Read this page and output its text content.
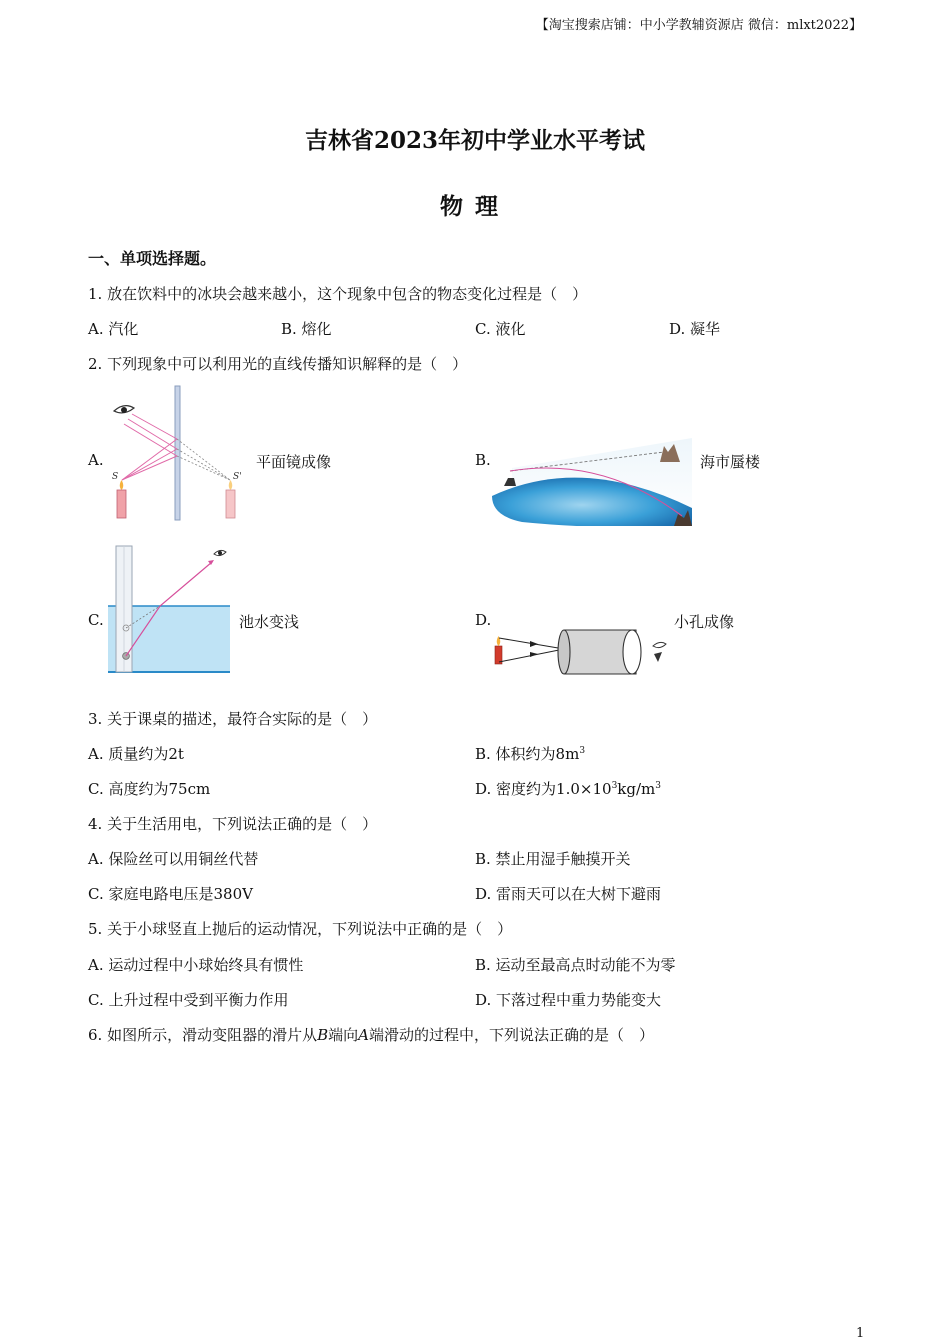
【淘宝搜索店铺：中小学教辅资源店 微信：mlxt2022】
吉林省2023年初中学业水平考试
物理
一、单项选择题。
1. 放在饮料中的冰块会越来越小，这个现象中包含的物态变化过程是（　）
A. 汽化	B. 熔化	C. 液化	D. 凝华
2. 下列现象中可以利用光的直线传播知识解释的是（　）
A.
S	S'
平面镜成像	B.	海市蜃楼
C.	池水变浅	D.	小孔成像
3. 关于课桌的描述，最符合实际的是（　）
A. 质量约为2t	B. 体积约为$8m^3$
C. 高度约为75cm	D. 密度约为$1.0\times 10^3kg/m^3$
4. 关于生活用电，下列说法正确的是（　）
A. 保险丝可以用铜丝代替	B. 禁止用湿手触摸开关
C. 家庭电路电压是380V	D. 雷雨天可以在大树下避雨
5. 关于小球竖直上抛后的运动情况，下列说法中正确的是（　）
A. 运动过程中小球始终具有惯性	B. 运动至最高点时动能不为零
C. 上升过程中受到平衡力作用	D. 下落过程中重力势能变大
6. 如图所示，滑动变阻器的滑片从B端向A端滑动的过程中，下列说法正确的是（　）
1
